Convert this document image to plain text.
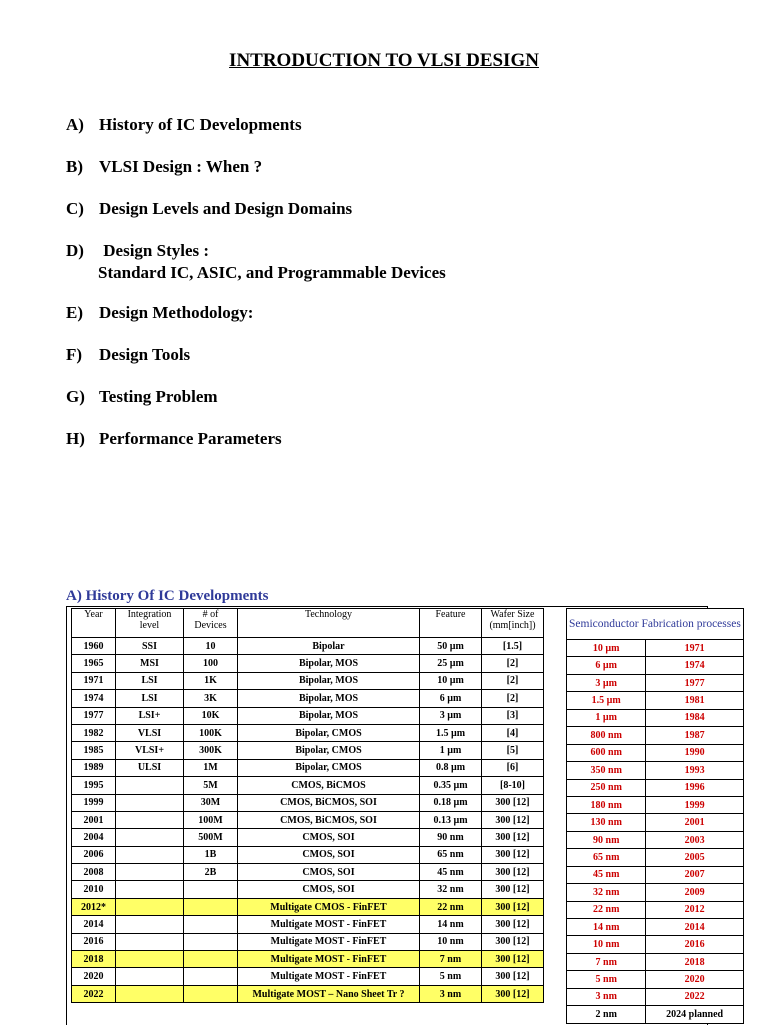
INTRODUCTION TO VLSI DESIGN
A) History of IC Developments
B) VLSI Design : When ?
C) Design Levels and Design Domains
D) Design Styles :
Standard IC, ASIC, and Programmable Devices
E) Design Methodology:
F) Design Tools
G) Testing Problem
H) Performance Parameters
A) History Of IC Developments
Year	Integration level	# of Devices	Technology	Feature	Wafer Size (mm[inch])
1960	SSI	10	Bipolar	50 µm	[1.5]
1965	MSI	100	Bipolar, MOS	25 µm	[2]
1971	LSI	1K	Bipolar, MOS	10 µm	[2]
1974	LSI	3K	Bipolar, MOS	6 µm	[2]
1977	LSI+	10K	Bipolar, MOS	3 µm	[3]
1982	VLSI	100K	Bipolar, CMOS	1.5 µm	[4]
1985	VLSI+	300K	Bipolar, CMOS	1 µm	[5]
1989	ULSI	1M	Bipolar, CMOS	0.8 µm	[6]
1995		5M	CMOS, BiCMOS	0.35 µm	[8-10]
1999		30M	CMOS, BiCMOS, SOI	0.18 µm	300 [12]
2001		100M	CMOS, BiCMOS, SOI	0.13 µm	300 [12]
2004		500M	CMOS, SOI	90 nm	300 [12]
2006		1B	CMOS, SOI	65 nm	300 [12]
2008		2B	CMOS, SOI	45 nm	300 [12]
2010			CMOS, SOI	32 nm	300 [12]
2012*			Multigate CMOS - FinFET	22 nm	300 [12]
2014			Multigate MOST - FinFET	14 nm	300 [12]
2016			Multigate MOST - FinFET	10 nm	300 [12]
2018			Multigate MOST - FinFET	7 nm	300 [12]
2020			Multigate MOST - FinFET	5 nm	300 [12]
2022			Multigate MOST – Nano Sheet Tr ?	3 nm	300 [12]
Semiconductor Fabrication processes	
10 µm	1971
6 µm	1974
3 µm	1977
1.5 µm	1981
1 µm	1984
800 nm	1987
600 nm	1990
350 nm	1993
250 nm	1996
180 nm	1999
130 nm	2001
90 nm	2003
65 nm	2005
45 nm	2007
32 nm	2009
22 nm	2012
14 nm	2014
10 nm	2016
7 nm	2018
5 nm	2020
3 nm	2022
2 nm	2024 planned
